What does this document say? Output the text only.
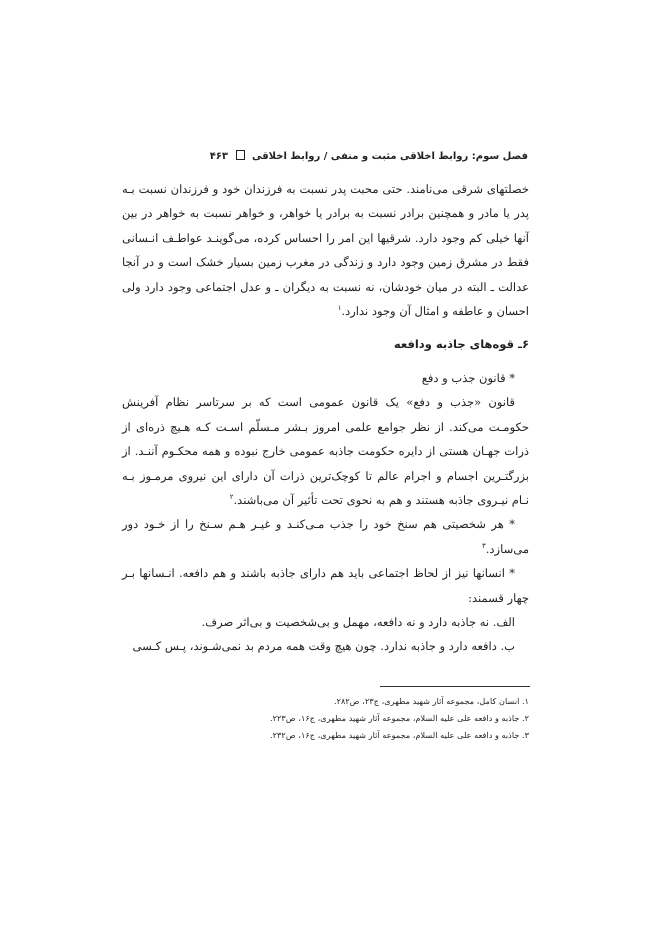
فصل سوم: روابط اخلاقی مثبت و منفی / روابط اخلاقی  ۴۶۳

خصلتهای شرقی می‌نامند. حتی محبت پدر نسبت به فرزندان خود و فرزندان نسبت بـه پدر یا مادر و همچنین برادر نسبت به برادر یا خواهر، و خواهر نسبت به خواهر در بین آنها خیلی کم وجود دارد. شرقیها این امر را احساس کرده، می‌گوینـد عواطـف انـسانی فقط در مشرق زمین وجود دارد و زندگی در مغرب زمین بسیار خشک است و در آنجا عدالت ـ البته در میان خودشان، نه نسبت به دیگران ـ و عدل اجتماعی وجود دارد ولی احسان و عاطفه و امثال آن وجود ندارد.$^۱$

۶ـ قوه‌های جاذبه ودافعه

* قانون جذب و دفع

قانون «جذب و دفع» یک قانون عمومی است که بر سرتاسر نظام آفرینش حکومـت می‌کند. از نظر جوامع علمی امروز بـشر مـسلّم اسـت کـه هـیچ ذره‌ای از ذرات جهـان هستی از دایره حکومت جاذبه عمومی خارج نبوده و همه محکـوم آننـد. از بزرگتـرین اجسام و اجرام عالم تا کوچک‌ترین ذرات آن دارای این نیروی مرمـوز بـه نـام نیـروی جاذبه هستند و هم به نحوی تحت تأثیر آن می‌باشند.$^۲$

* هر شخصیتی هم سنخ خود را جذب مـی‌کنـد و غیـر هـم سـنخ را از خـود دور می‌سازد.$^۳$

* انسانها نیز از لحاظ اجتماعی باید هم دارای جاذبه باشند و هم دافعه. انـسانها بـر چهار قسمند:

الف. نه جاذبه دارد و نه دافعه، مهمل و بی‌شخصیت و بی‌اثر صرف.

ب. دافعه دارد و جاذبه ندارد. چون هیچ وقت همه مردم بد نمی‌شـوند، پـس کـسی

۱. انسان کامل، مجموعه آثار شهید مطهری، ج۲۳، ص۲۸۲.
۲. جاذبه و دافعه علی علیه السلام، مجموعه آثار شهید مطهری، ج۱۶، ص۲۲۳.
۳. جاذبه و دافعه علی علیه السلام، مجموعه آثار شهید مطهری، ج۱۶، ص۲۳۲.
